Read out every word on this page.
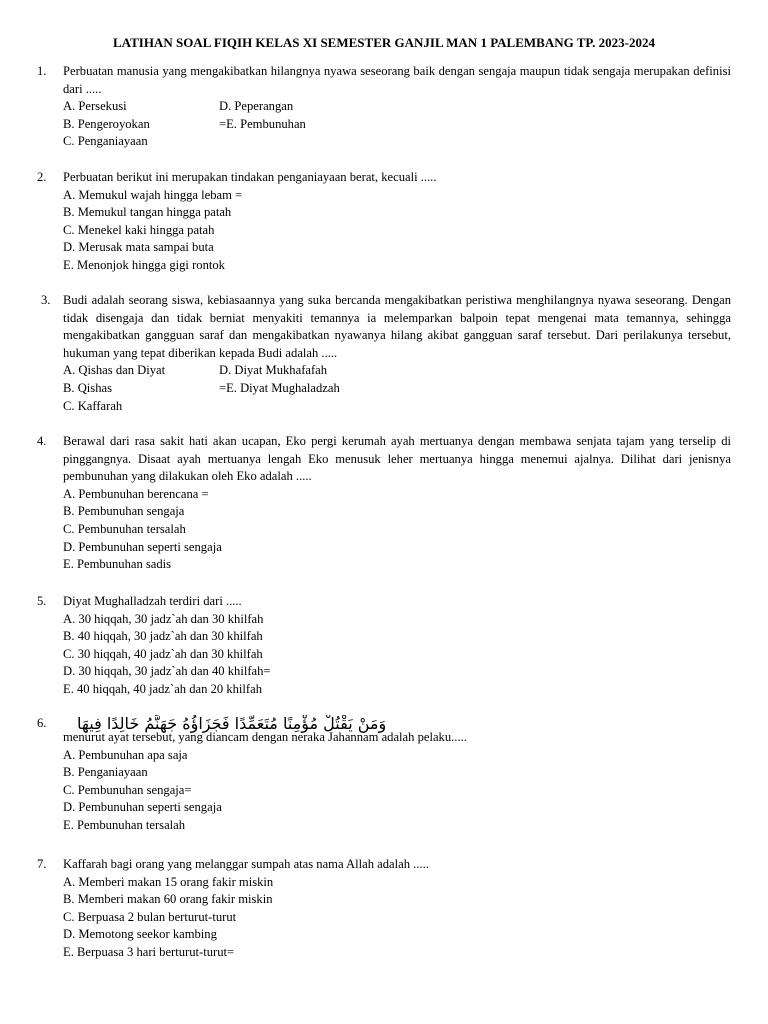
LATIHAN SOAL FIQIH KELAS XI SEMESTER GANJIL MAN 1 PALEMBANG TP. 2023-2024
1. Perbuatan manusia yang mengakibatkan hilangnya nyawa seseorang baik dengan sengaja maupun tidak sengaja merupakan definisi dari .....
A. Persekusi	D. Peperangan
B. Pengeroyokan	=E. Pembunuhan
C. Penganiayaan
2. Perbuatan berikut ini merupakan tindakan penganiayaan berat, kecuali .....
A. Memukul wajah hingga lebam =
B. Memukul tangan hingga patah
C. Menekel kaki hingga patah
D. Merusak mata sampai buta
E. Menonjok hingga gigi rontok
3. Budi adalah seorang siswa, kebiasaannya yang suka bercanda mengakibatkan peristiwa menghilangnya nyawa seseorang. Dengan tidak disengaja dan tidak berniat menyakiti temannya ia melemparkan balpoin tepat mengenai mata temannya, sehingga mengakibatkan gangguan saraf dan mengakibatkan nyawanya hilang akibat gangguan saraf tersebut. Dari perilakunya tersebut, hukuman yang tepat diberikan kepada Budi adalah .....
A. Qishas dan Diyat	D. Diyat Mukhafafah
B. Qishas	=E. Diyat Mughaladzah
C. Kaffarah
4. Berawal dari rasa sakit hati akan ucapan, Eko pergi kerumah ayah mertuanya dengan membawa senjata tajam yang terselip di pinggangnya. Disaat ayah mertuanya lengah Eko menusuk leher mertuanya hingga menemui ajalnya. Dilihat dari jenisnya pembunuhan yang dilakukan oleh Eko adalah .....
A. Pembunuhan berencana =
B. Pembunuhan sengaja
C. Pembunuhan tersalah
D. Pembunuhan seperti sengaja
E. Pembunuhan sadis
5. Diyat Mughalladzah terdiri dari .....
A. 30 hiqqah, 30 jadz`ah dan 30 khilfah
B. 40 hiqqah, 30 jadz`ah dan 30 khilfah
C. 30 hiqqah, 40 jadz`ah dan 30 khilfah
D. 30 hiqqah, 30 jadz`ah dan 40 khilfah=
E. 40 hiqqah, 40 jadz`ah dan 20 khilfah
6.	وَمَنْ يَقْتُلْ مُؤْمِنًا مُتَعَمِّدًا فَجَزَاؤُهُ جَهَنَّمُ خَالِدًا فِيهَا
menurut ayat tersebut, yang diancam dengan neraka Jahannam adalah pelaku.....
A. Pembunuhan apa saja
B. Penganiayaan
C. Pembunuhan sengaja=
D. Pembunuhan seperti sengaja
E. Pembunuhan tersalah
7. Kaffarah bagi orang yang melanggar sumpah atas nama Allah adalah .....
A. Memberi makan 15 orang fakir miskin
B. Memberi makan 60 orang fakir miskin
C. Berpuasa 2 bulan berturut-turut
D. Memotong seekor kambing
E. Berpuasa 3 hari berturut-turut=
